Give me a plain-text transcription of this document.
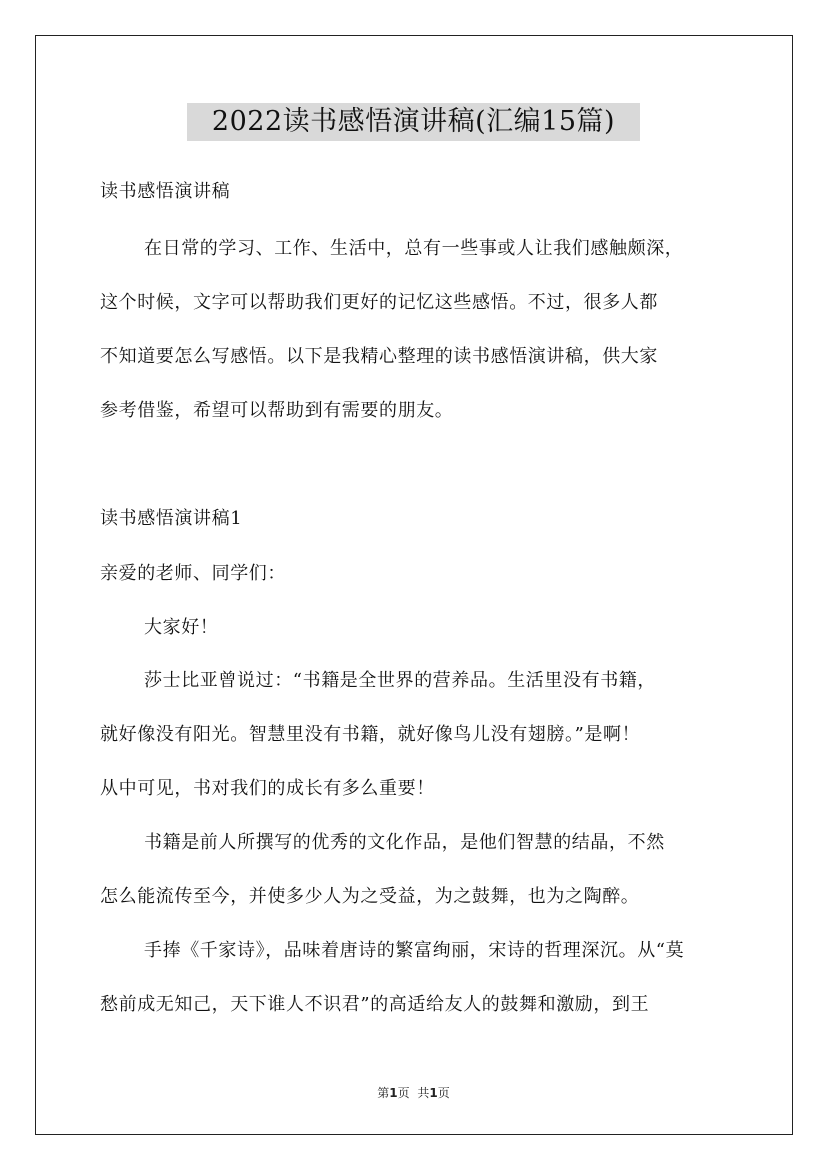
2022读书感悟演讲稿(汇编15篇)
读书感悟演讲稿
在日常的学习、工作、生活中，总有一些事或人让我们感触颇深，
这个时候，文字可以帮助我们更好的记忆这些感悟。不过，很多人都
不知道要怎么写感悟。以下是我精心整理的读书感悟演讲稿，供大家
参考借鉴，希望可以帮助到有需要的朋友。
读书感悟演讲稿1
亲爱的老师、同学们：
大家好！
莎士比亚曾说过：“书籍是全世界的营养品。生活里没有书籍，
就好像没有阳光。智慧里没有书籍，就好像鸟儿没有翅膀。”是啊！
从中可见，书对我们的成长有多么重要！
书籍是前人所撰写的优秀的文化作品，是他们智慧的结晶，不然
怎么能流传至今，并使多少人为之受益，为之鼓舞，也为之陶醉。
手捧《千家诗》，品味着唐诗的繁富绚丽，宋诗的哲理深沉。从“莫
愁前成无知己，天下谁人不识君”的高适给友人的鼓舞和激励，到王
第1页 共1页
